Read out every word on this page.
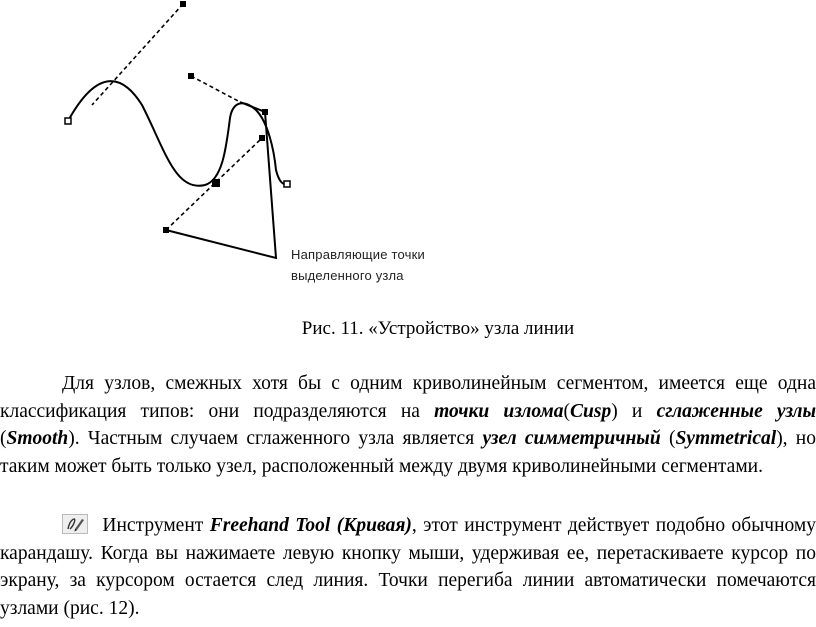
Направляющие точки
выделенного узла
Рис. 11. «Устройство» узла линии

Для узлов, смежных хотя бы с одним криволинейным сегментом, имеется еще одна классификация типов: они подразделяются на точки излома(Cusp) и сглаженные узлы (Smooth). Частным случаем сглаженного узла является узел симметричный (Symmetrical), но таким может быть только узел, расположенный между двумя криволинейными сегментами.

Инструмент Freehand Tool (Кривая), этот инструмент действует подобно обычному карандашу. Когда вы нажимаете левую кнопку мыши, удерживая ее, перетаскиваете курсор по экрану, за курсором остается след линия. Точки перегиба линии автоматически помечаются узлами (рис. 12).
